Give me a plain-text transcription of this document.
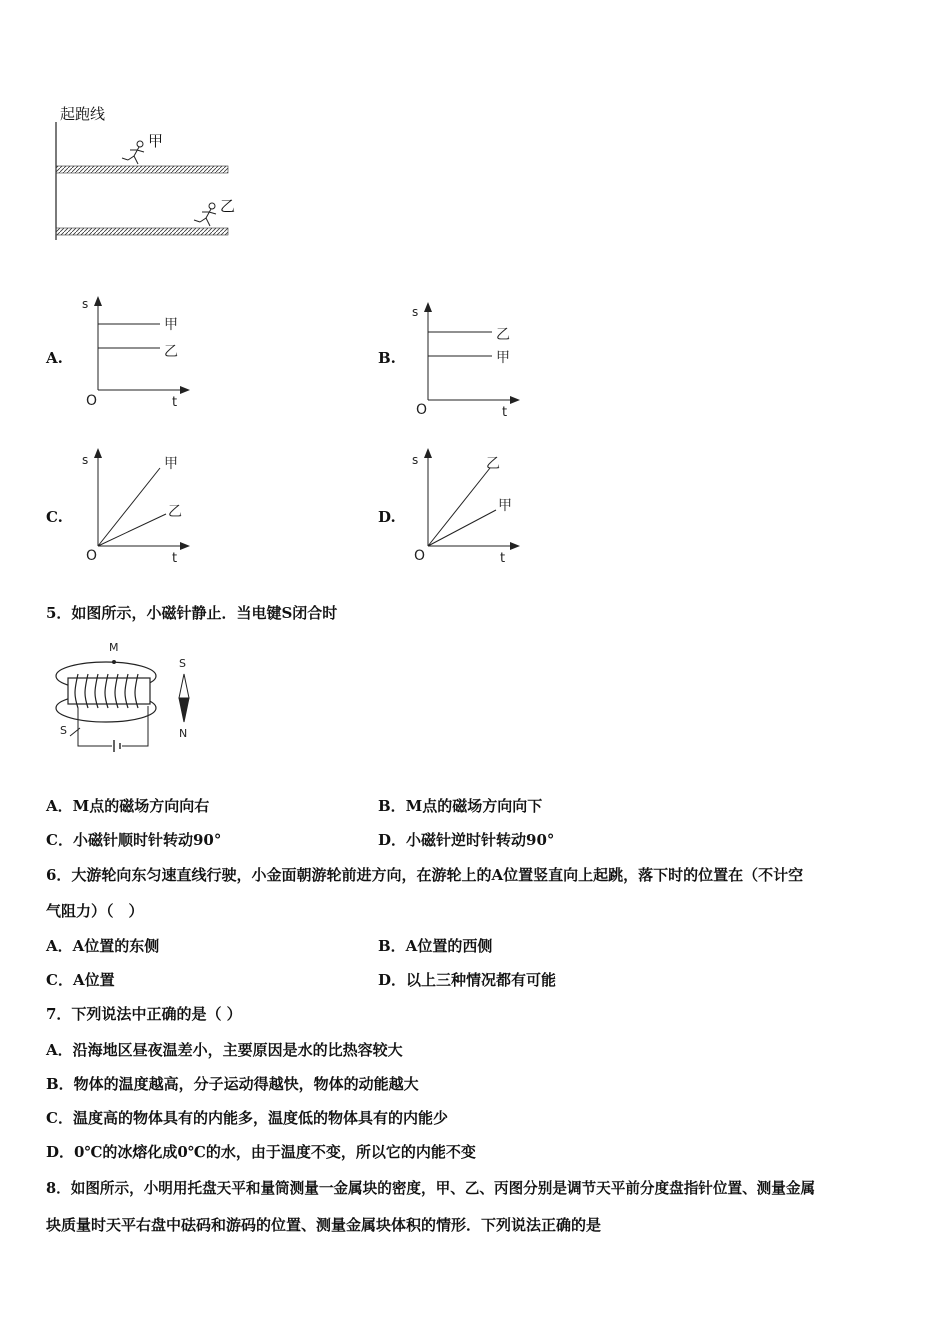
起跑线
甲
乙
A.
s
t
O
甲
乙	B.
s
t
O
乙
甲
C.
s
t
O
甲
乙	D.
s
t
O
乙
甲
5．如图所示，小磁针静止．当电键S闭合时
M
S
S
N
A．M点的磁场方向向右	B．M点的磁场方向向下
C．小磁针顺时针转动90°	D．小磁针逆时针转动90°
6．大游轮向东匀速直线行驶，小金面朝游轮前进方向，在游轮上的A位置竖直向上起跳，落下时的位置在（不计空
气阻力）（　）
A．A位置的东侧	B．A位置的西侧
C．A位置	D．以上三种情况都有可能
7．下列说法中正确的是（ ）
A．沿海地区昼夜温差小，主要原因是水的比热容较大
B．物体的温度越高，分子运动得越快，物体的动能越大
C．温度高的物体具有的内能多，温度低的物体具有的内能少
D．0℃的冰熔化成0℃的水，由于温度不变，所以它的内能不变
8．如图所示，小明用托盘天平和量筒测量一金属块的密度，甲、乙、丙图分别是调节天平前分度盘指针位置、测量金属
块质量时天平右盘中砝码和游码的位置、测量金属块体积的情形．下列说法正确的是
